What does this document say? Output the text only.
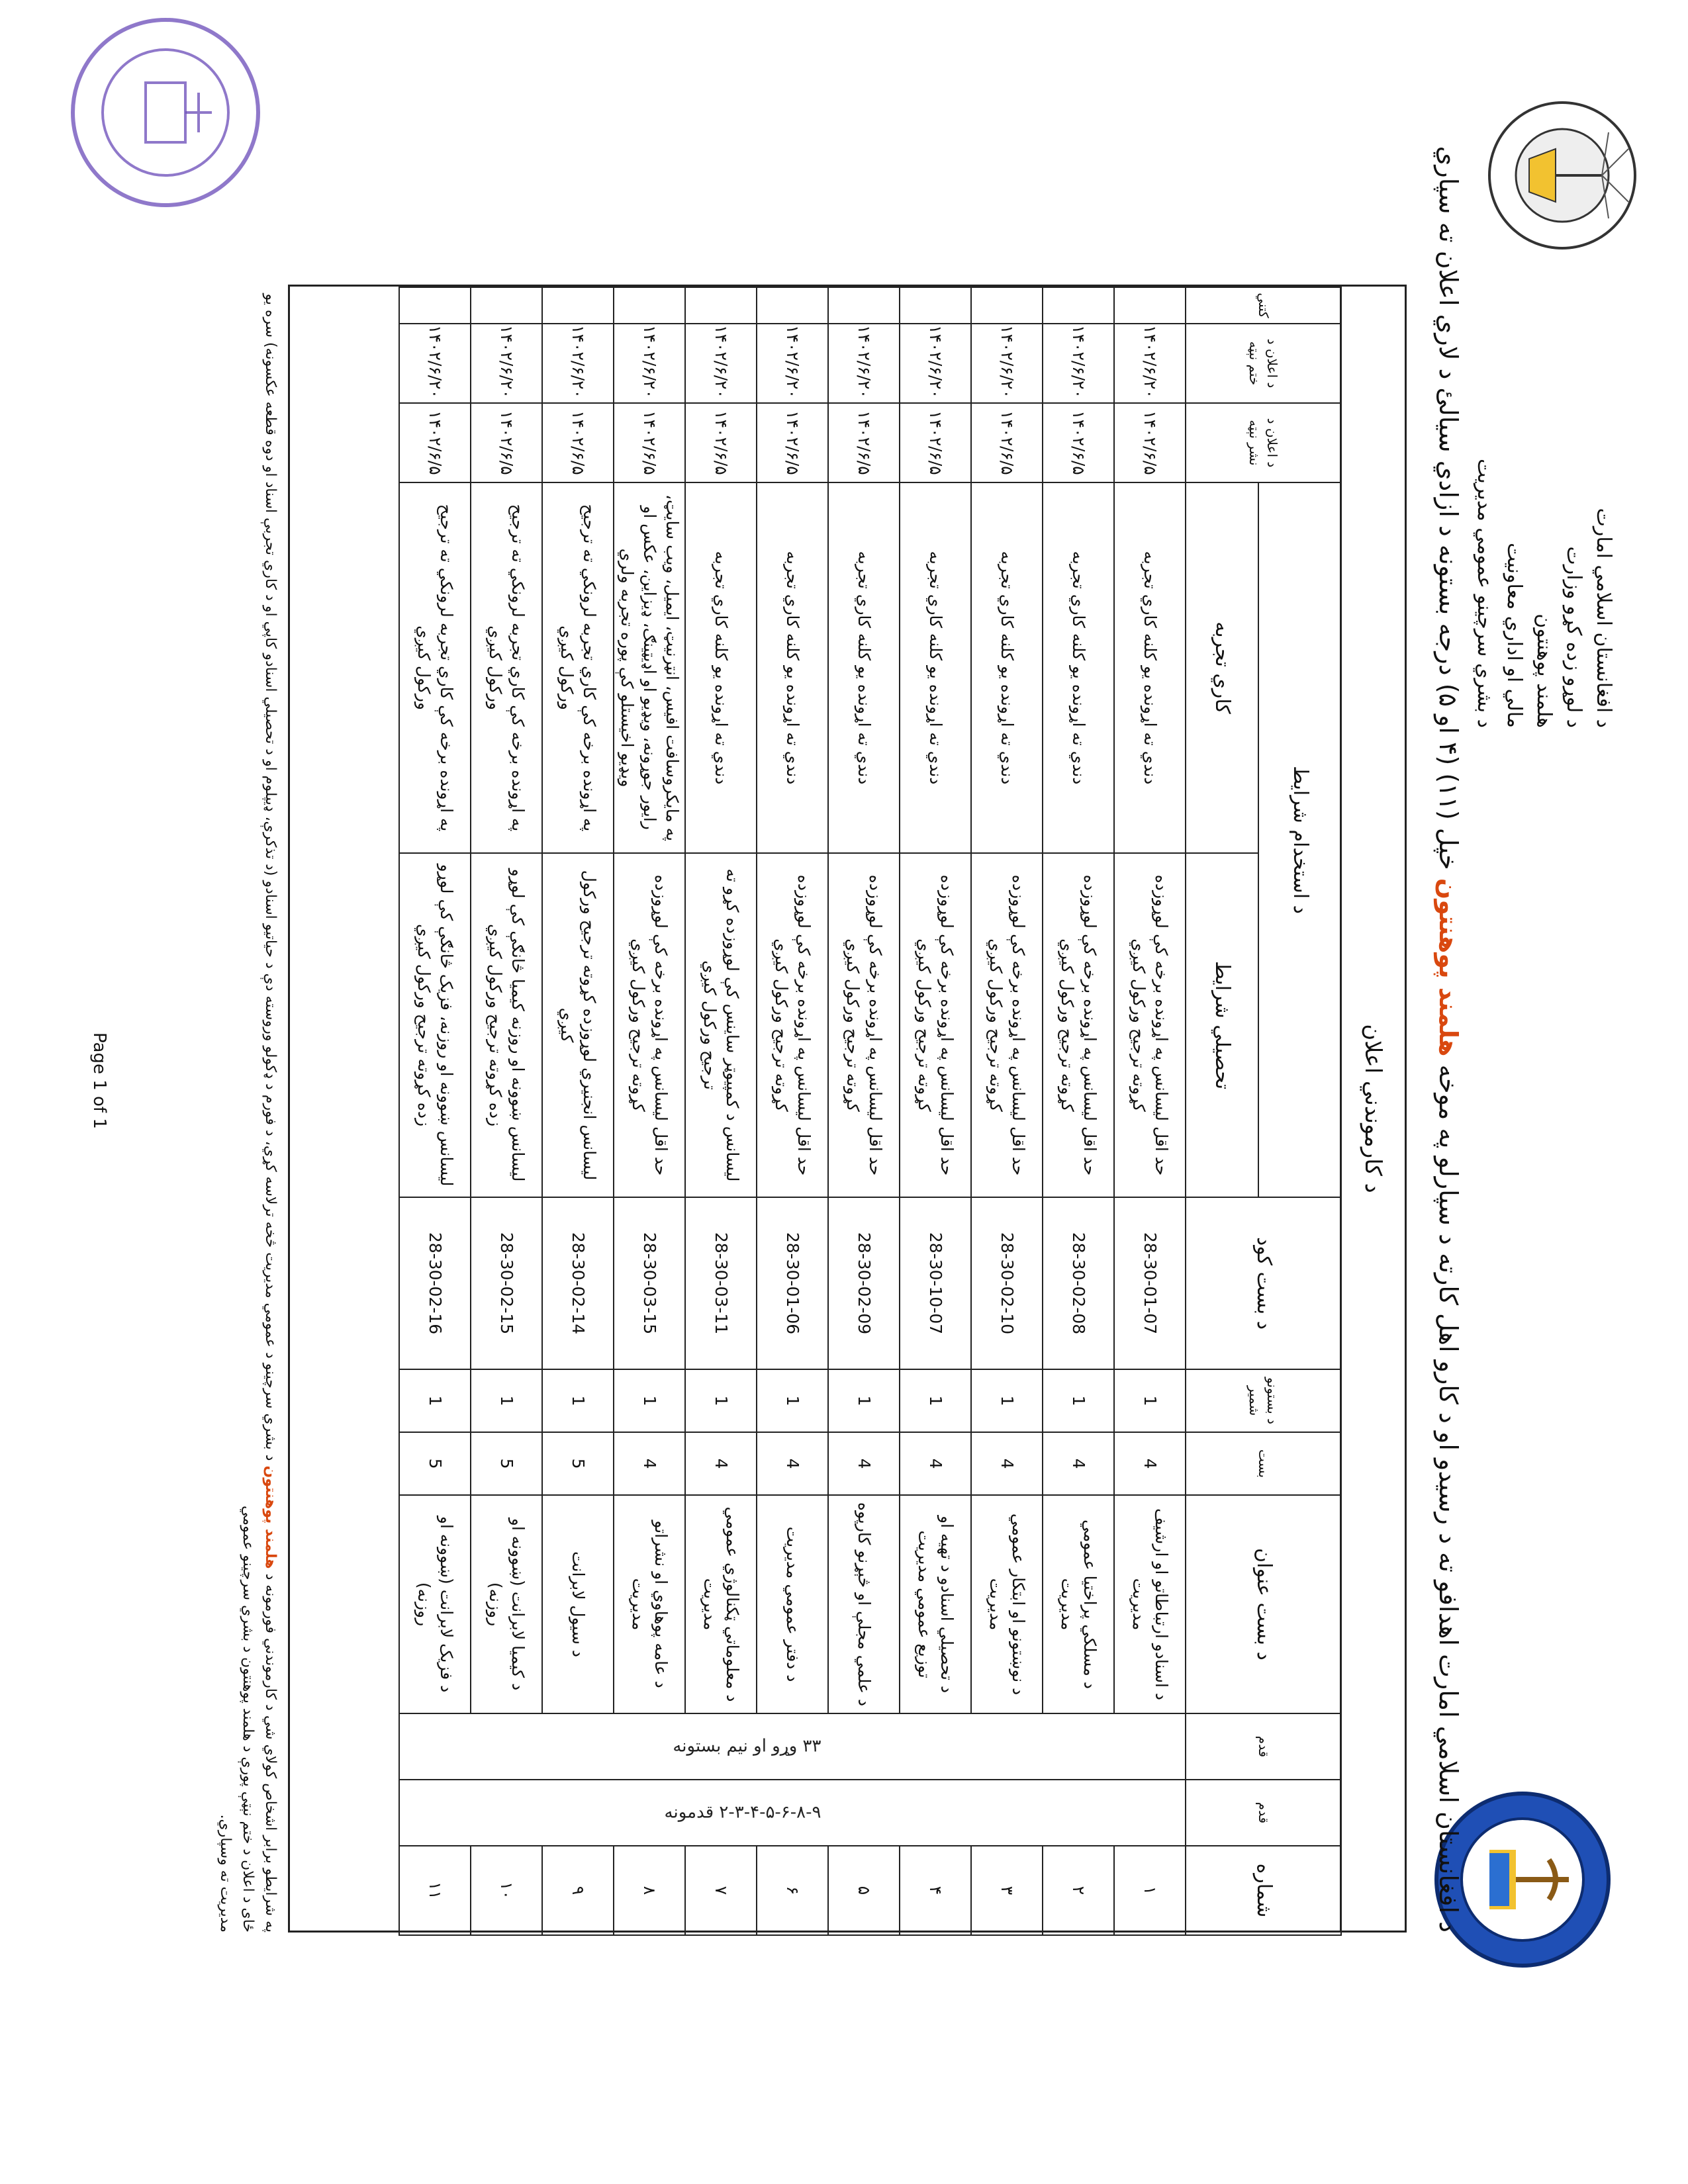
د افغانستان اسلامي امارت
د لوړو زده کړو وزارت
هلمند پوهنتون
مالي او اداري معاونيت
د بشري سرچينو عمومي مديريت
د افغانستان اسلامي امارت اهدافو ته د رسيدو او د کارو اهل کارته د سپارلو په موخه هلمند پوهنتون خپل (۱۱) (۴ او ۵) درجه بستونه د ازادي سيالئ د لاري اعلان ته سپاري
د کارموندني اعلان
شماره	قدم	قدم	د بست عنوان	بست	د بستونو شمير	د بست کود	د استخدام شرايط		د اعلان د نشر نېټه	د اعلان د ختم نېټه	کتني
							تحصيلي شرايط	کاري تجربه			
۱	۲-۳-۴-۵-۶-۸-۹ قدمونه	۳۳ وړو او نيم بستونه	د اسنادو ارتباطاتو او ارشيف مديريت	4	1	28-30-01-07	حد اقل ليسانس په اړونده برخه کې لوړوزده کړوته ترجيح ورکول کيږي	دندي ته اړونده يو کلنه کاري تجربه	۱۴۰۲/۶/۵	۱۴۰۲/۶/۲۰	
۲			د مسلکي پراختيا عمومي مديريت	4	1	28-30-02-08	حد اقل ليسانس په اړونده برخه کې لوړوزده کړوته ترجيح ورکول کيږي	دندي ته اړونده يو کلنه کاري تجربه	۱۴۰۲/۶/۵	۱۴۰۲/۶/۲۰	
۳			د نوښتونو او ابتکار عمومي مديريت	4	1	28-30-02-10	حد اقل ليسانس په اړونده برخه کې لوړوزده کړوته ترجيح ورکول کيږي	دندي ته اړونده يو کلنه کاري تجربه	۱۴۰۲/۶/۵	۱۴۰۲/۶/۲۰	
۴			د تحصيلي اسنادو د تهيه او توزيع عمومي مديريت	4	1	28-30-10-07	حد اقل ليسانس په اړونده برخه کې لوړوزده کړوته ترجيح ورکول کيږي	دندي ته اړونده يو کلنه کاري تجربه	۱۴۰۲/۶/۵	۱۴۰۲/۶/۲۰	
۵			د علمي مجلې او څېړنو کارپوه	4	1	28-30-02-09	حد اقل ليسانس په اړونده برخه کې لوړوزده کړوته ترجيح ورکول کيږي	دندي ته اړونده يو کلنه کاري تجربه	۱۴۰۲/۶/۵	۱۴۰۲/۶/۲۰	
۶			د دفتر عمومي مديريت	4	1	28-30-01-06	حد اقل ليسانس په اړونده برخه کې لوړوزده کړوته ترجيح ورکول کيږي	دندي ته اړونده يو کلنه کاري تجربه	۱۴۰۲/۶/۵	۱۴۰۲/۶/۲۰	
۷			د معلوماتي ټکنالوژي عمومي مديريت	4	1	28-30-03-11	ليسانس د کمپيوټر ساينس کې لوړوزده کړو ته ترجيح ورکول کيږي	دندي ته اړونده يو کلنه کاري تجربه	۱۴۰۲/۶/۵	۱۴۰۲/۶/۲۰	
۸			د عامه پوهاوي او نشراتو مديريت	4	1	28-30-03-15	حد اقل ليسانس په اړونده برخه کې لوړوزده کړوته ترجيح ورکول کيږي	په مايکروسافت افيس، انټرنيټ، ايميل، ويب سايټ، رايور جوړونه، ويډيو او اډيټينګ، ډيزاين، عکس او ويډيو اخيستلو کې پوره تجربه ولري	۱۴۰۲/۶/۵	۱۴۰۲/۶/۲۰	
۹			د سيول لابرانت	5	1	28-30-02-14	ليسانس انجنيري لوړوزده کړوته ترجيح ورکول کيږي	په اړونده برخه کې کاري تجربه لرونکي ته ترجيح ورکول کيږي	۱۴۰۲/۶/۵	۱۴۰۲/۶/۲۰	
۱۰			د کيميا لابرانت (ښوونه او روزنه)	5	1	28-30-02-15	ليسانس ښوونه او روزنه کيميا څانګې کې لوړو زده کړوته ترجيح ورکول کيږي	په اړونده برخه کې کاري تجربه لرونکي ته ترجيح ورکول کيږي	۱۴۰۲/۶/۵	۱۴۰۲/۶/۲۰	
۱۱			د فزيک لابرانت (ښوونه او روزنه)	5	1	28-30-02-16	ليسانس ښوونه او روزنه، فزيک څانګې کې لوړو زده کړوته ترجيح ورکول کيږي	په اړونده برخه کې کاري تجربه لرونکي ته ترجيح ورکول کيږي	۱۴۰۲/۶/۵	۱۴۰۲/۶/۲۰	
په شرايطو برابر اشخاص کولاي شي د کارموندني فورمونه د هلمند پوهنتون د بشري سرچينو د عمومي مديريت څخه ترلاسه کړي، د فورم د ډکولو وروسته دې د حياتيو اسنادو (د تذکرې، ډيپلوم او د تحصيلي اسنادو کاپي او د کاري تجربې اسناد او دوه قطعه عکسونه) سره يو ځای د اعلان د ختم نېټې پورې د هلمند پوهنتون د بشري سرچينو عمومي
مديريت ته وسپاري.
Page 1 of 1
